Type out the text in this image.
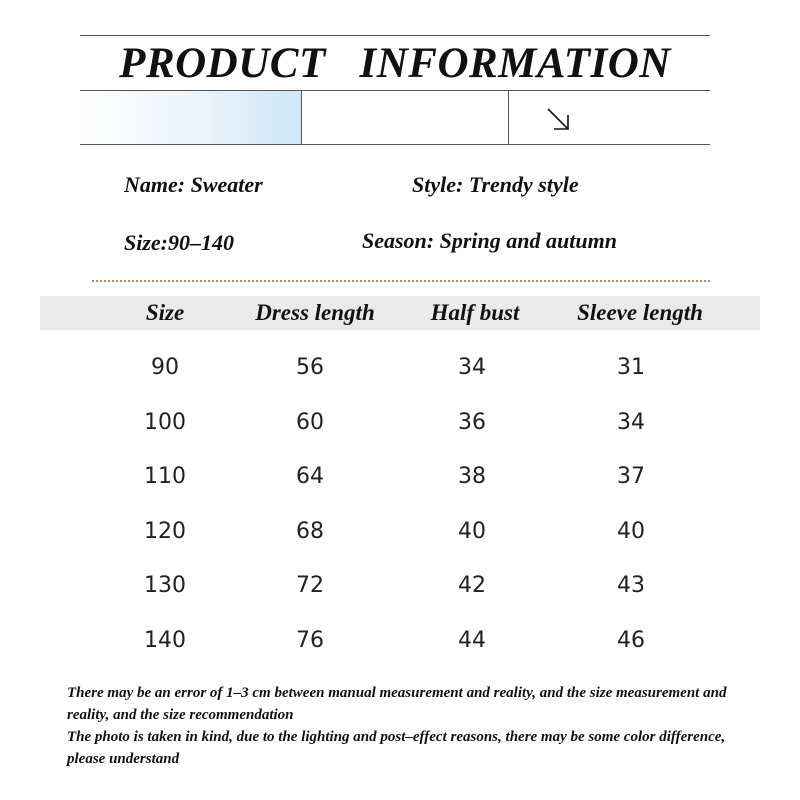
PRODUCT   INFORMATION
Name: Sweater	Style: Trendy style
Size:90–140	Season: Spring and autumn
Size	Dress length	Half bust	Sleeve length
90	56	34	31
100	60	36	34
110	64	38	37
120	68	40	40
130	72	42	43
140	76	44	46
There may be an error of 1–3 cm between manual measurement and reality, and the size measurement and reality, and the size recommendation
The photo is taken in kind, due to the lighting and post–effect reasons, there may be some color difference, please understand
